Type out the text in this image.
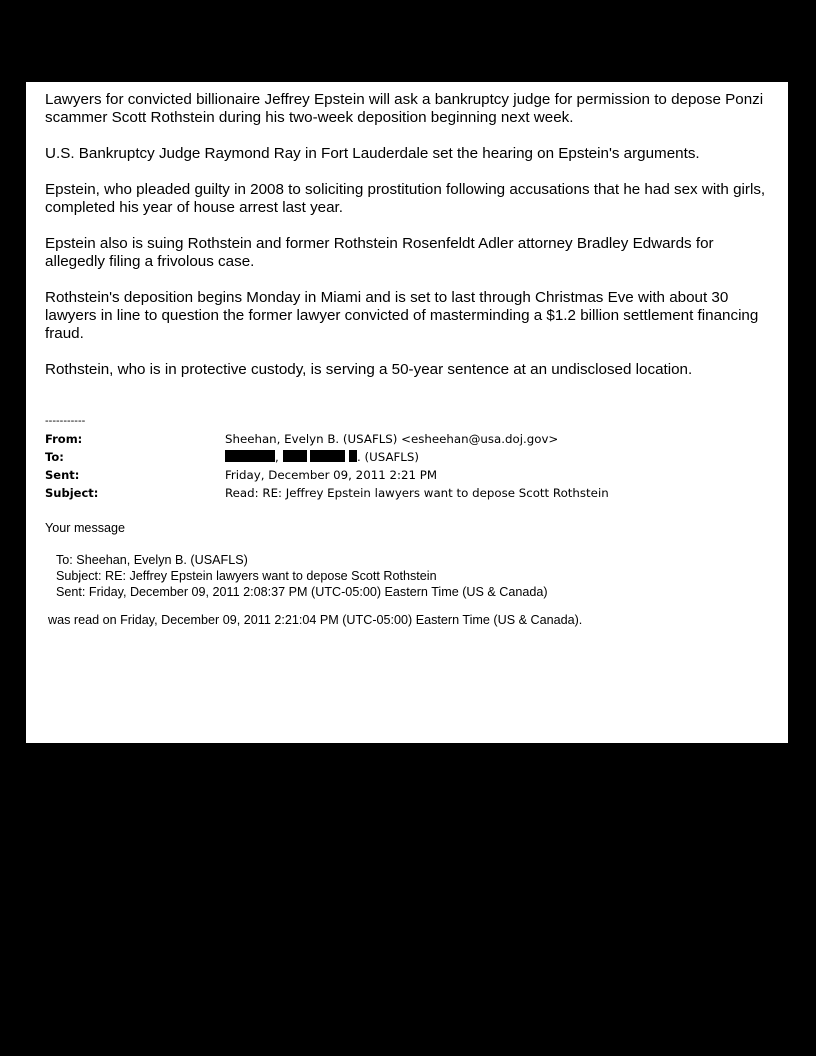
Lawyers for convicted billionaire Jeffrey Epstein will ask a bankruptcy judge for permission to depose Ponzi scammer Scott Rothstein during his two-week deposition beginning next week.

U.S. Bankruptcy Judge Raymond Ray in Fort Lauderdale set the hearing on Epstein's arguments.

Epstein, who pleaded guilty in 2008 to soliciting prostitution following accusations that he had sex with girls, completed his year of house arrest last year.

Epstein also is suing Rothstein and former Rothstein Rosenfeldt Adler attorney Bradley Edwards for allegedly filing a frivolous case.

Rothstein's deposition begins Monday in Miami and is set to last through Christmas Eve with about 30 lawyers in line to question the former lawyer convicted of masterminding a $1.2 billion settlement financing fraud.

Rothstein, who is in protective custody, is serving a 50-year sentence at an undisclosed location.

-----------
From:	Sheehan, Evelyn B. (USAFLS) <esheehan@usa.doj.gov>
To:	,	. (USAFLS)
Sent:	Friday, December 09, 2011 2:21 PM
Subject:	Read: RE: Jeffrey Epstein lawyers want to depose Scott Rothstein
Your message
To: Sheehan, Evelyn B. (USAFLS)
Subject: RE: Jeffrey Epstein lawyers want to depose Scott Rothstein
Sent: Friday, December 09, 2011 2:08:37 PM (UTC-05:00) Eastern Time (US & Canada)
was read on Friday, December 09, 2011 2:21:04 PM (UTC-05:00) Eastern Time (US & Canada).
